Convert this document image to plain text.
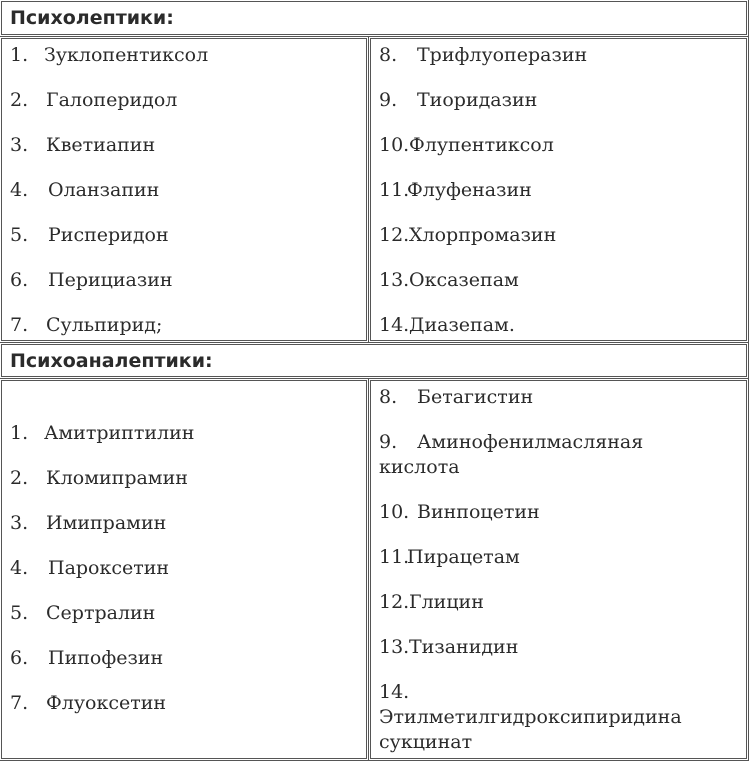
Психолептики:
1. Зуклопентиксол
2. Галоперидол
3. Кветиапин
4. Оланзапин
5. Рисперидон
6. Перициазин
7. Сульпирид;
8. Трифлуоперазин
9. Тиоридазин
10.Флупентиксол
11.Флуфеназин
12.Хлорпромазин
13.Оксазепам
14.Диазепам.
Психоаналептики:
1. Амитриптилин
2. Кломипрамин
3. Имипрамин
4. Пароксетин
5. Сертралин
6. Пипофезин
7. Флуоксетин
8. Бетагистин
9. Аминофенилмасляная
кислота
10. Винпоцетин
11.Пирацетам
12.Глицин
13.Тизанидин
14.
Этилметилгидроксипиридина
сукцинат
